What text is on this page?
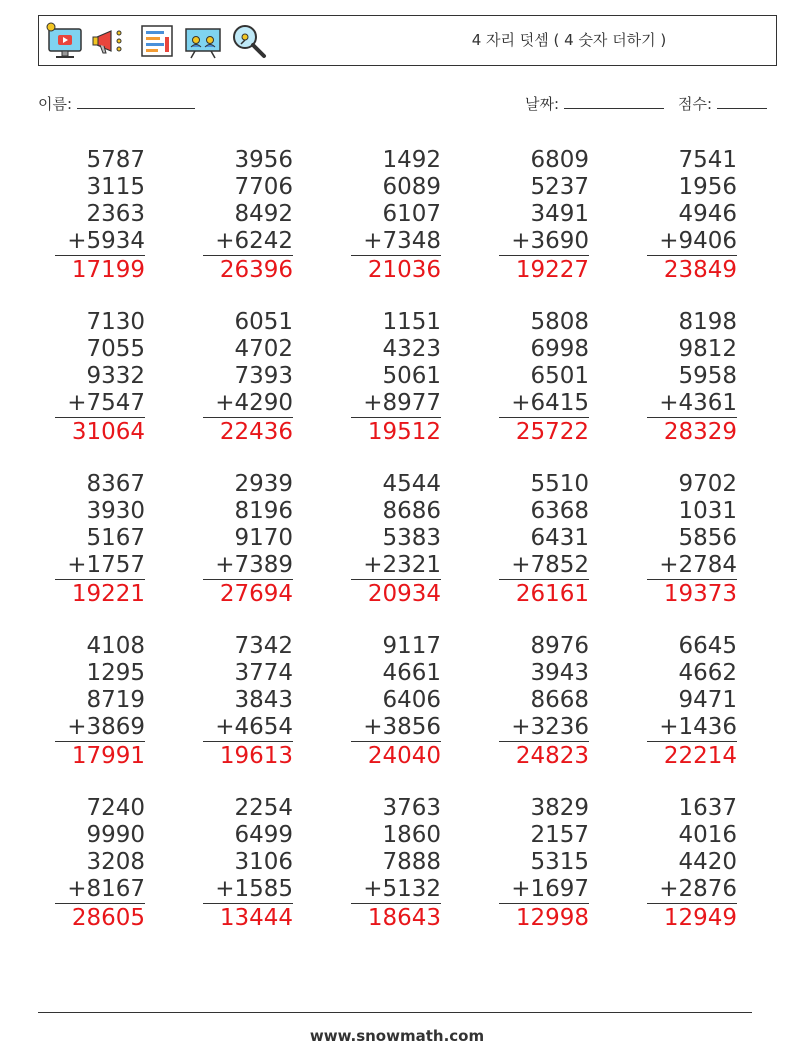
4 자리 덧셈 ( 4 숫자 더하기 )
이름:	날짜:	점수:
5787
3115
2363
+5934
17199
3956
7706
8492
+6242
26396
1492
6089
6107
+7348
21036
6809
5237
3491
+3690
19227
7541
1956
4946
+9406
23849
7130
7055
9332
+7547
31064
6051
4702
7393
+4290
22436
1151
4323
5061
+8977
19512
5808
6998
6501
+6415
25722
8198
9812
5958
+4361
28329
8367
3930
5167
+1757
19221
2939
8196
9170
+7389
27694
4544
8686
5383
+2321
20934
5510
6368
6431
+7852
26161
9702
1031
5856
+2784
19373
4108
1295
8719
+3869
17991
7342
3774
3843
+4654
19613
9117
4661
6406
+3856
24040
8976
3943
8668
+3236
24823
6645
4662
9471
+1436
22214
7240
9990
3208
+8167
28605
2254
6499
3106
+1585
13444
3763
1860
7888
+5132
18643
3829
2157
5315
+1697
12998
1637
4016
4420
+2876
12949
www.snowmath.com
